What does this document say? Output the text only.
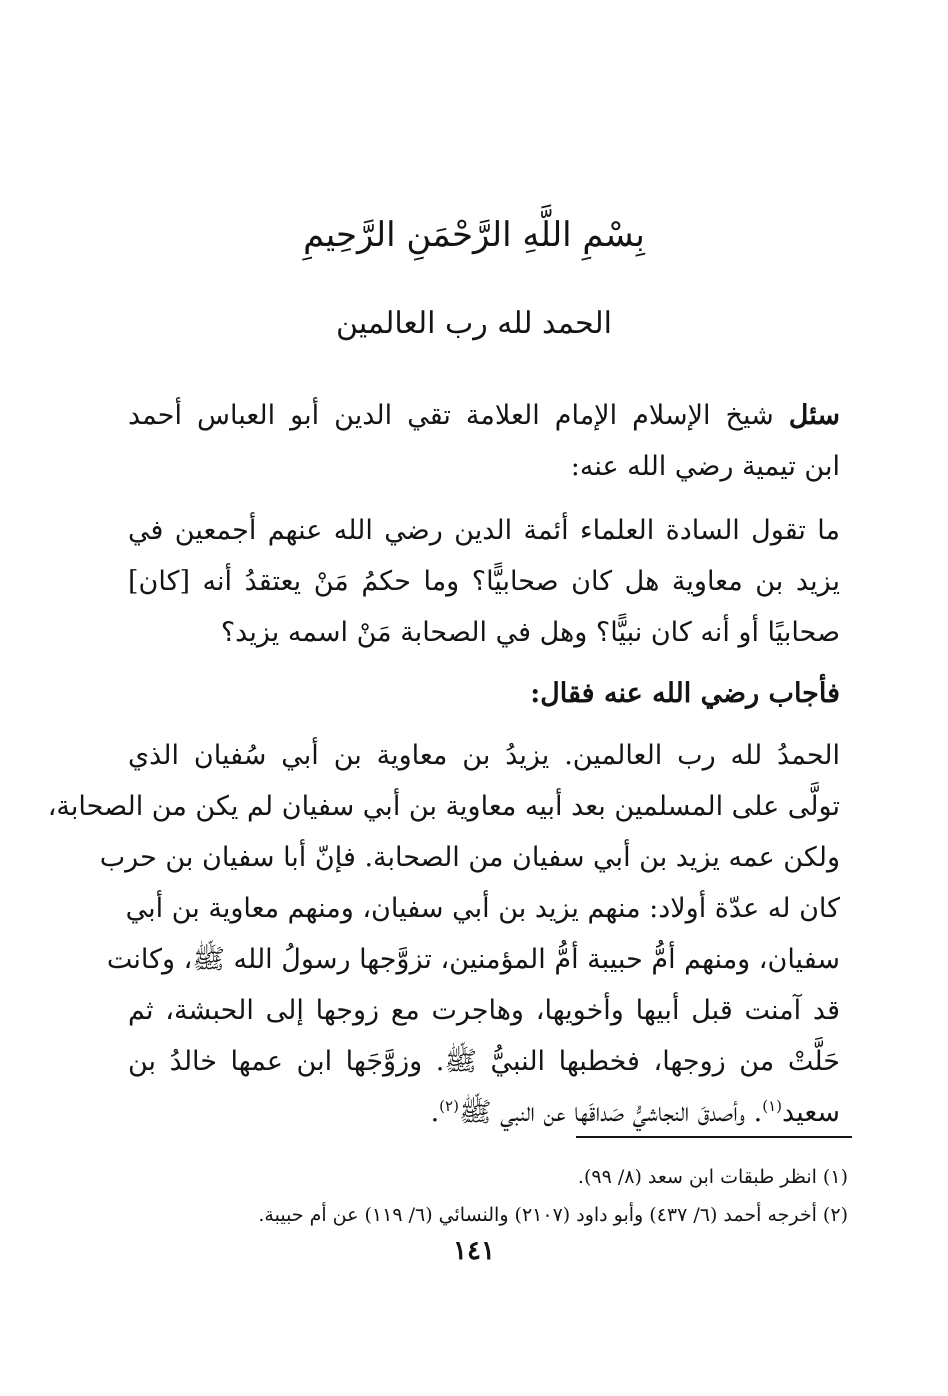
بِسْمِ اللَّهِ الرَّحْمَنِ الرَّحِيمِ
الحمد لله رب العالمين
سئل شيخ الإسلام الإمام العلامة تقي الدين أبو العباس أحمد
ابن تيمية رضي الله عنه:
ما تقول السادة العلماء أئمة الدين رضي الله عنهم أجمعين في
يزيد بن معاوية هل كان صحابيًّا؟ وما حكمُ مَنْ يعتقدُ أنه [كان]
صحابيًا أو أنه كان نبيًّا؟ وهل في الصحابة مَنْ اسمه يزيد؟
فأجاب رضي الله عنه فقال:
الحمدُ لله رب العالمين. يزيدُ بن معاوية بن أبي سُفيان الذي
تولَّى على المسلمين بعد أبيه معاوية بن أبي سفيان لم يكن من الصحابة،
ولكن عمه يزيد بن أبي سفيان من الصحابة. فإنّ أبا سفيان بن حرب
كان له عدّة أولاد: منهم يزيد بن أبي سفيان، ومنهم معاوية بن أبي
سفيان، ومنهم أمُّ حبيبة أمُّ المؤمنين، تزوَّجها رسولُ الله ﷺ، وكانت
قد آمنت قبل أبيها وأخويها، وهاجرت مع زوجها إلى الحبشة، ثم
حَلَّتْ من زوجها، فخطبها النبيُّ ﷺ. وزوَّجَها ابن عمها خالدُ بن
سعيد$^{(١)}$. وأصدقَ النجاشيُّ صَداقَها عن النبي ﷺ$^{(٢)}$.
(١) انظر طبقات ابن سعد (٨/ ٩٩).
(٢) أخرجه أحمد (٦/ ٤٣٧) وأبو داود (٢١٠٧) والنسائي (٦/ ١١٩) عن أم حبيبة.
١٤١
